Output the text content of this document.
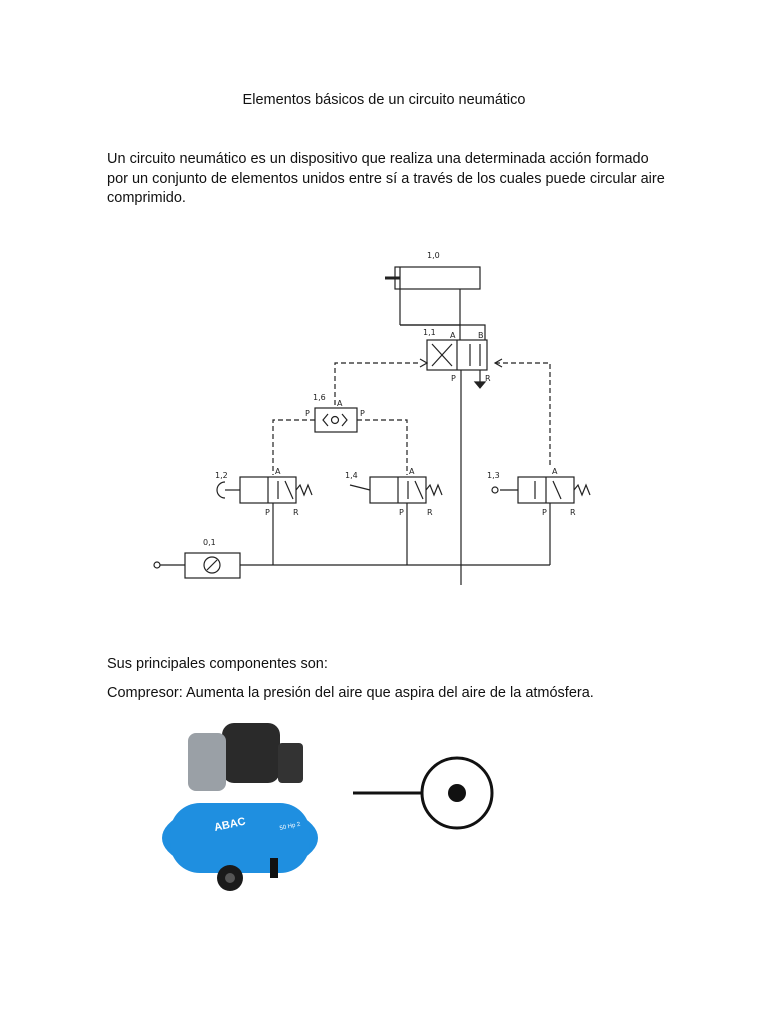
Elementos básicos de un circuito neumático
Un circuito neumático es un dispositivo que realiza una determinada acción formado por un conjunto de elementos unidos entre sí a través de los cuales puede circular aire comprimido.
1,0
1,1 A	B
P	R
1,6
A
P	P
1,2	1,4	1,3
A	A	A
P	P	P
R	R	R
0,1
Sus principales componentes son:
Compresor: Aumenta la presión del aire que aspira del aire de la atmósfera.
ABAC	50 Hp 2
